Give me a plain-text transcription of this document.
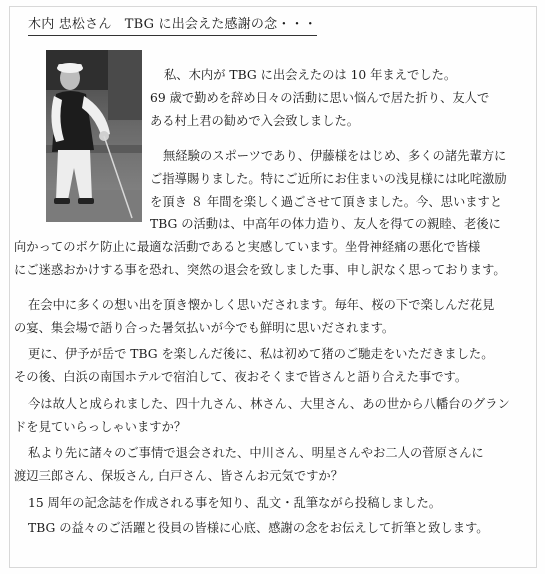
木内 忠松さん　TBG に出会えた感謝の念・・・
私、木内が TBG に出会えたのは 10 年まえでした。
69 歳で勤めを辞め日々の活動に思い悩んで居た折り、友人で
ある村上君の勧めで入会致しました。
無経験のスポーツであり、伊藤様をはじめ、多くの諸先輩方に
ご指導賜りました。特にご近所にお住まいの浅見様には叱咤激励
を頂き ８ 年間を楽しく過ごさせて頂きました。今、思いますと
TBG の活動は、中高年の体力造り、友人を得ての親睦、老後に
向かってのボケ防止に最適な活動であると実感しています。坐骨神経痛の悪化で皆様
にご迷惑おかけする事を恐れ、突然の退会を致しました事、申し訳なく思っております。
在会中に多くの想い出を頂き懐かしく思いだされます。毎年、桜の下で楽しんだ花見
の宴、集会場で語り合った暑気払いが今でも鮮明に思いだされます。
更に、伊予が岳で TBG を楽しんだ後に、私は初めて猪のご馳走をいただきました。
その後、白浜の南国ホテルで宿泊して、夜おそくまで皆さんと語り合えた事です。
今は故人と成られました、四十九さん、林さん、大里さん、あの世から八幡台のグラン
ドを見ていらっしゃいますか？
私より先に諸々のご事情で退会された、中川さん、明星さんやお二人の菅原さんに
渡辺三郎さん、保坂さん, 白戸さん、皆さんお元気ですか？
15 周年の記念誌を作成される事を知り、乱文・乱筆ながら投稿しました。
TBG の益々のご活躍と役員の皆様に心底、感謝の念をお伝えして折筆と致します。
